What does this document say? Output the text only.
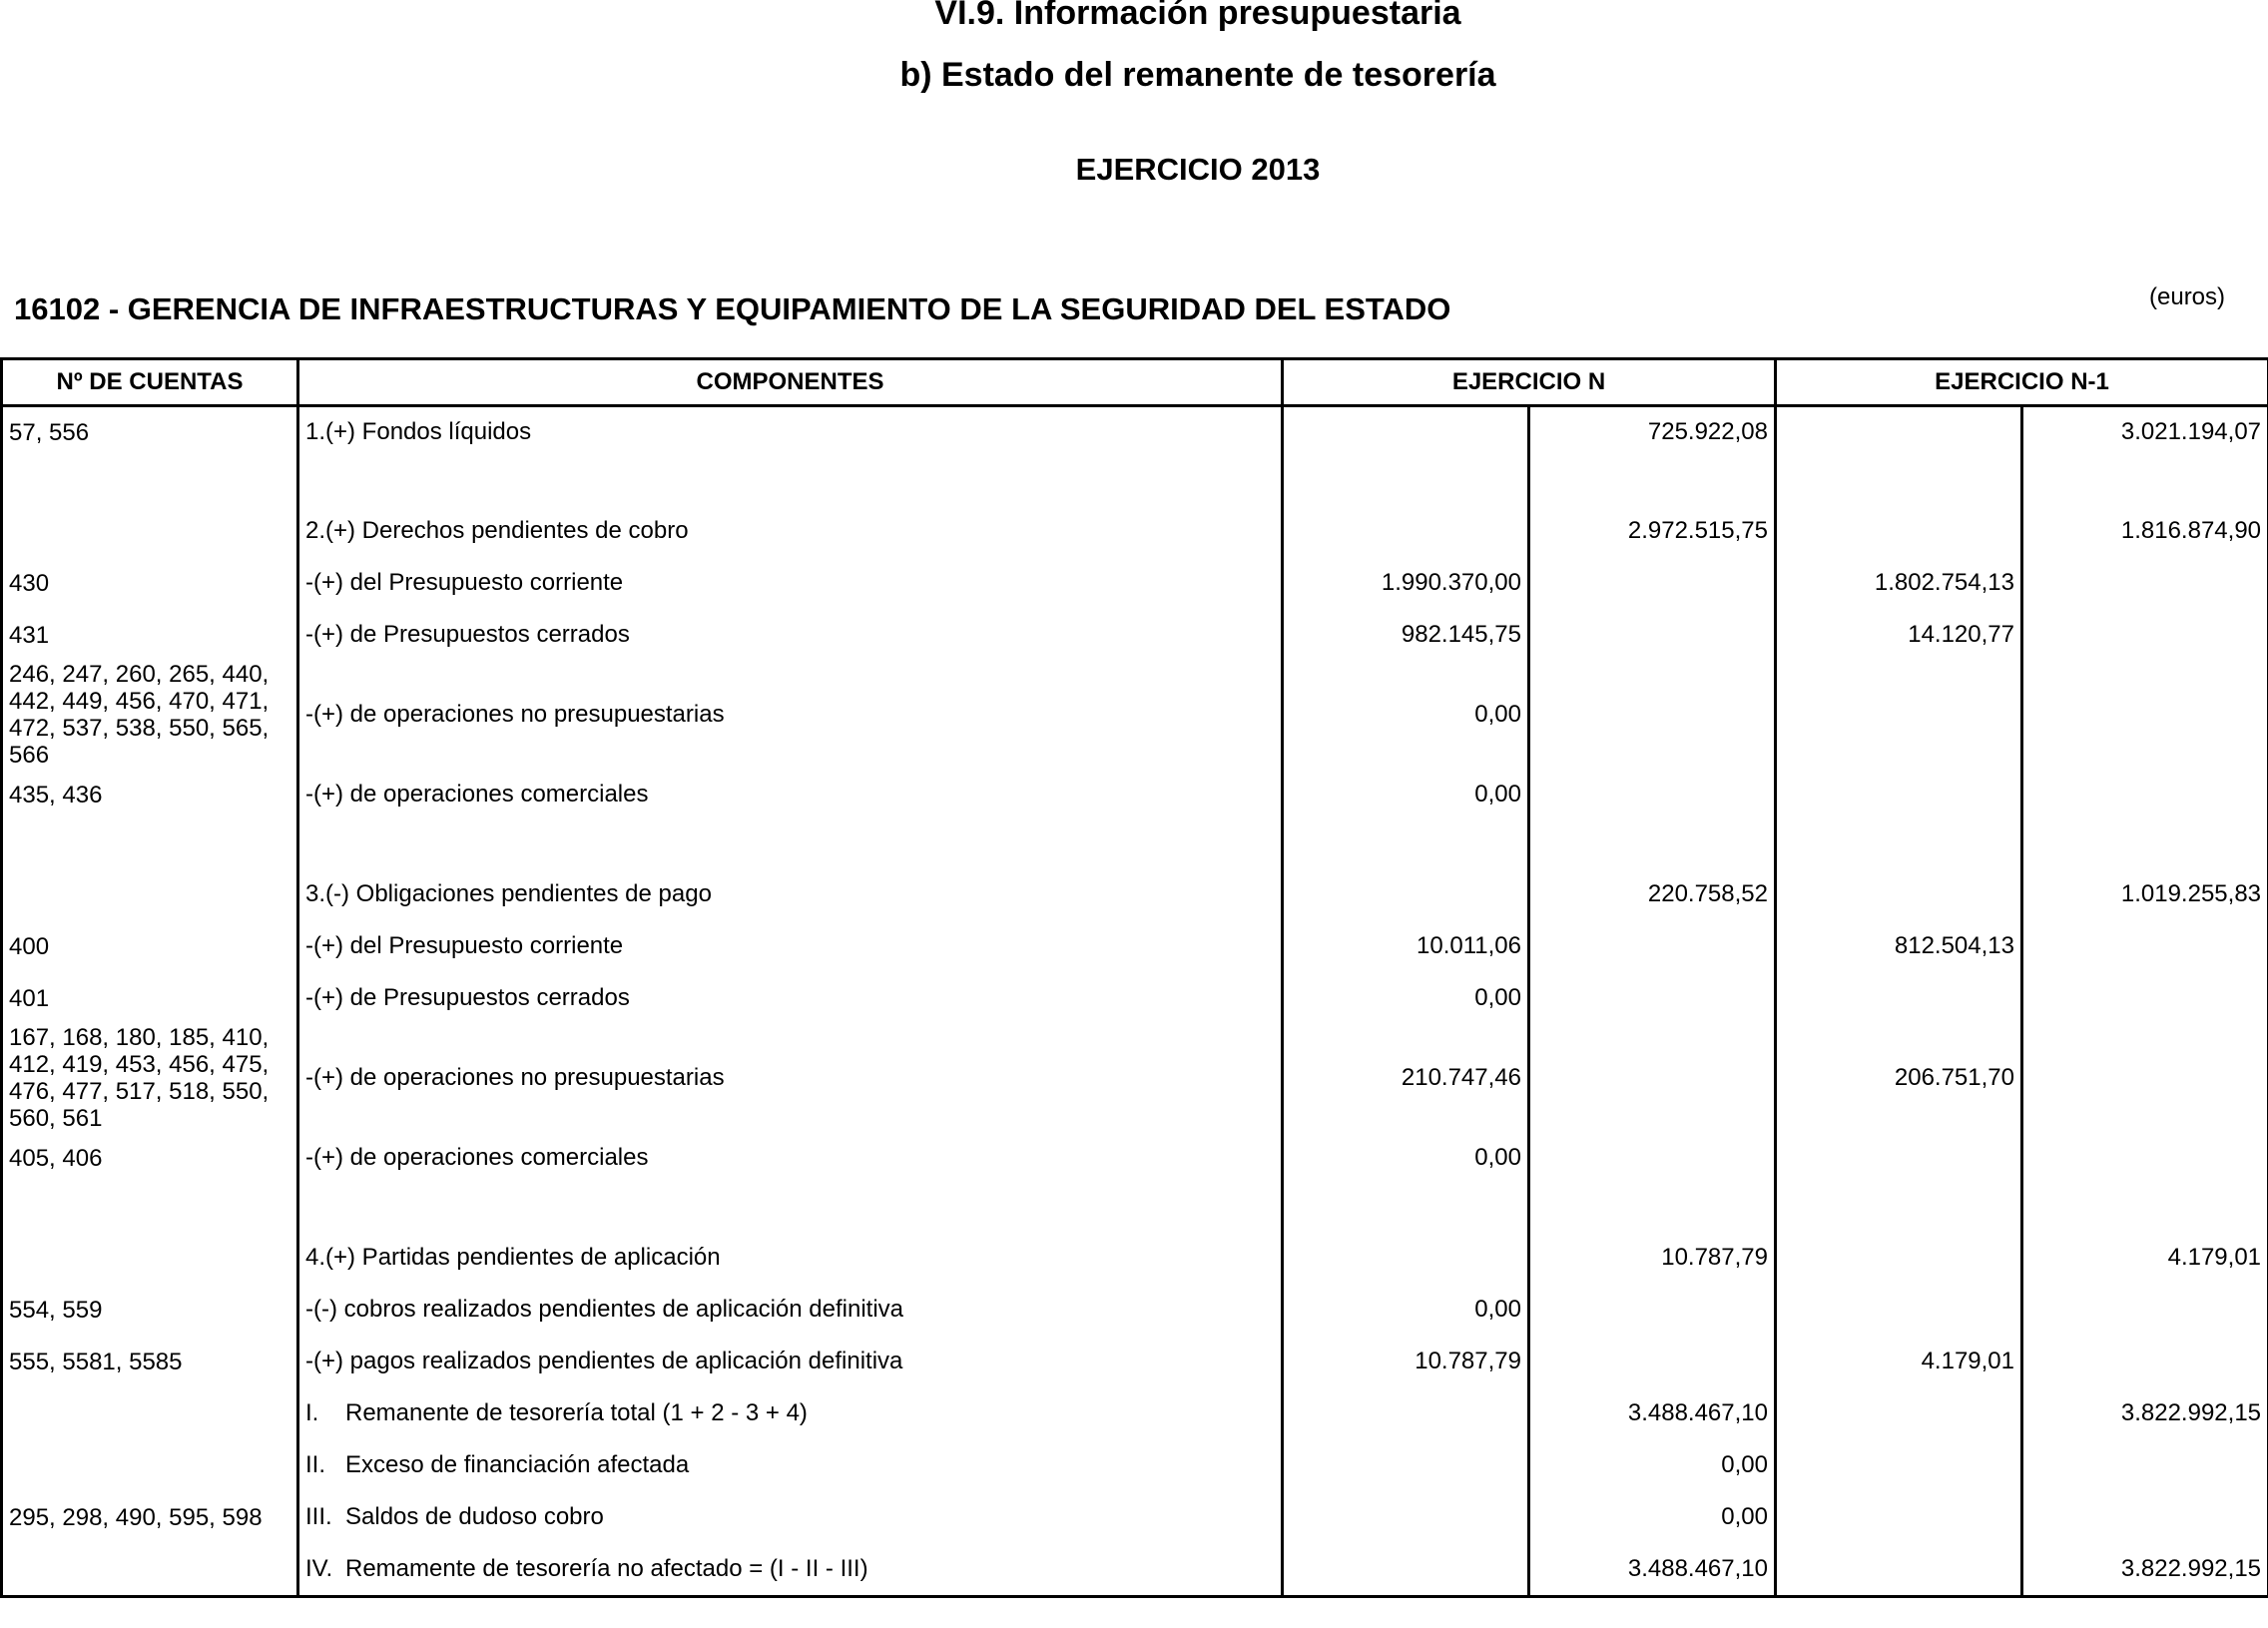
VI.9. Información presupuestaria
b) Estado del remanente de tesorería
EJERCICIO 2013
16102 - GERENCIA DE INFRAESTRUCTURAS Y EQUIPAMIENTO DE LA SEGURIDAD DEL ESTADO	(euros)
Nº DE CUENTAS	COMPONENTES	EJERCICIO N		EJERCICIO N-1	
57, 556	1.(+) Fondos líquidos		725.922,08		3.021.194,07

	2.(+) Derechos pendientes de cobro		2.972.515,75		1.816.874,90
430	-(+) del Presupuesto corriente	1.990.370,00		1.802.754,13	
431	-(+) de Presupuestos cerrados	982.145,75		14.120,77	
246, 247, 260, 265, 440, 442, 449, 456, 470, 471, 472, 537, 538, 550, 565, 566	-(+) de operaciones no presupuestarias	0,00			
435, 436	-(+) de operaciones comerciales	0,00			

	3.(-) Obligaciones pendientes de pago		220.758,52		1.019.255,83
400	-(+) del Presupuesto corriente	10.011,06		812.504,13	
401	-(+) de Presupuestos cerrados	0,00			
167, 168, 180, 185, 410, 412, 419, 453, 456, 475, 476, 477, 517, 518, 550, 560, 561	-(+) de operaciones no presupuestarias	210.747,46		206.751,70	
405, 406	-(+) de operaciones comerciales	0,00			

	4.(+) Partidas pendientes de aplicación		10.787,79		4.179,01
554, 559	-(-) cobros realizados pendientes de aplicación definitiva	0,00			
555, 5581, 5585	-(+) pagos realizados pendientes de aplicación definitiva	10.787,79		4.179,01	
	I. Remanente de tesorería total (1 + 2 - 3 + 4)		3.488.467,10		3.822.992,15
	II. Exceso de financiación afectada		0,00		
295, 298, 490, 595, 598	III. Saldos de dudoso cobro		0,00		
	IV. Remamente de tesorería no afectado = (I - II - III)		3.488.467,10		3.822.992,15
